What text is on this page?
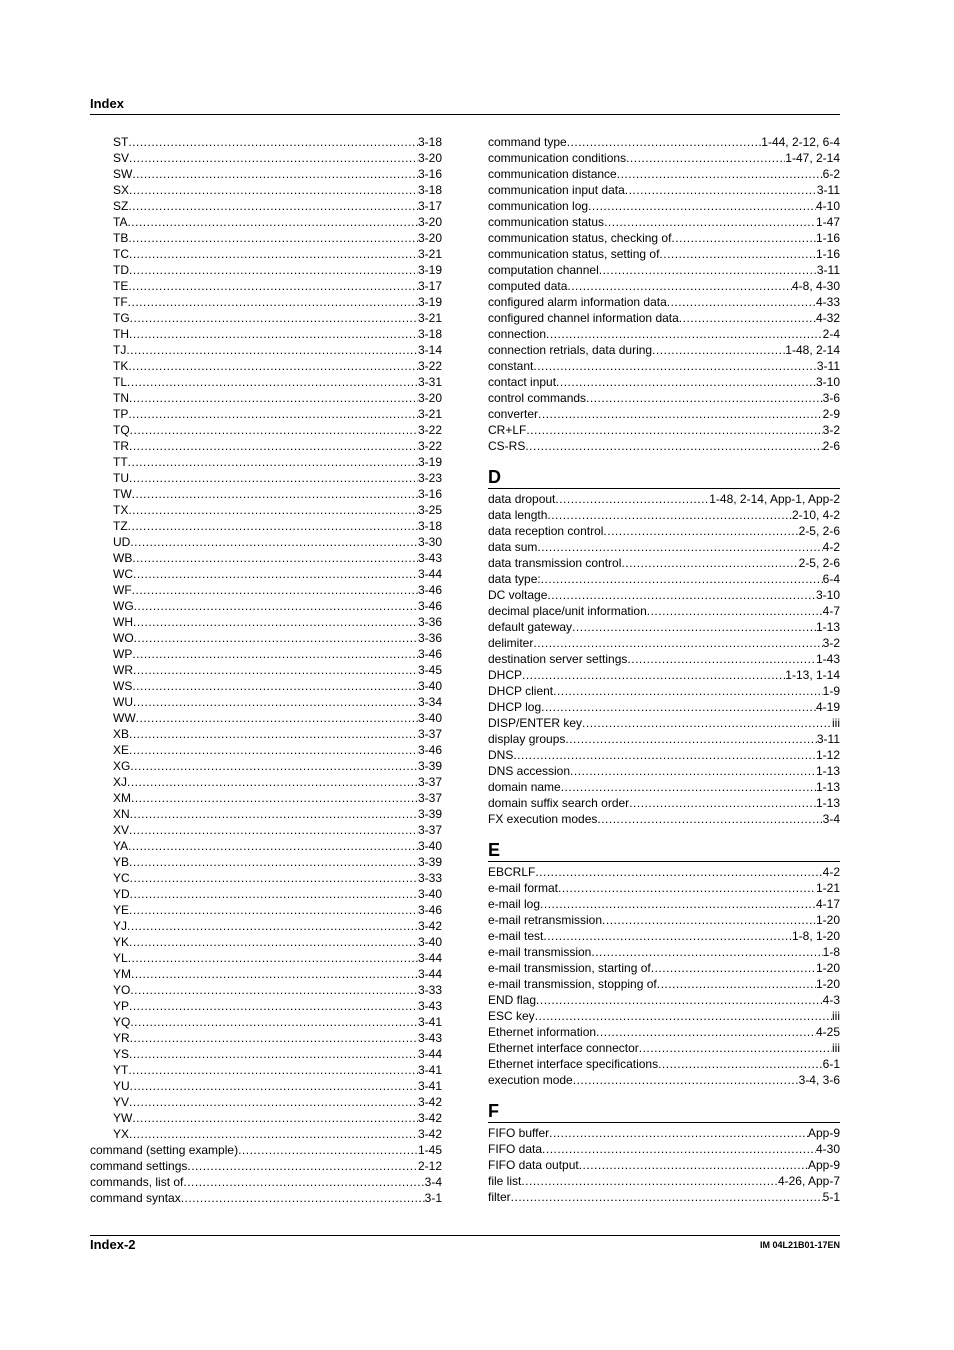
Index
ST .....	3-18
SV .....	3-20
SW .....	3-16
SX .....	3-18
SZ .....	3-17
TA .....	3-20
TB .....	3-20
TC .....	3-21
TD .....	3-19
TE .....	3-17
TF .....	3-19
TG .....	3-21
TH .....	3-18
TJ .....	3-14
TK .....	3-22
TL .....	3-31
TN .....	3-20
TP .....	3-21
TQ .....	3-22
TR .....	3-22
TT .....	3-19
TU .....	3-23
TW .....	3-16
TX .....	3-25
TZ .....	3-18
UD .....	3-30
WB .....	3-43
WC .....	3-44
WF .....	3-46
WG .....	3-46
WH .....	3-36
WO .....	3-36
WP .....	3-46
WR .....	3-45
WS .....	3-40
WU .....	3-34
WW .....	3-40
XB .....	3-37
XE .....	3-46
XG .....	3-39
XJ .....	3-37
XM .....	3-37
XN .....	3-39
XV .....	3-37
YA .....	3-40
YB .....	3-39
YC .....	3-33
YD .....	3-40
YE .....	3-46
YJ .....	3-42
YK .....	3-40
YL .....	3-44
YM .....	3-44
YO .....	3-33
YP .....	3-43
YQ .....	3-41
YR .....	3-43
YS .....	3-44
YT .....	3-41
YU .....	3-41
YV .....	3-42
YW .....	3-42
YX .....	3-42
command (setting example) .....	1-45
command settings .....	2-12
commands, list of .....	3-4
command syntax .....	3-1
command type .....	1-44, 2-12, 6-4
communication conditions .....	1-47, 2-14
communication distance .....	6-2
communication input data .....	3-11
communication log .....	4-10
communication status .....	1-47
communication status, checking of .....	1-16
communication status, setting of .....	1-16
computation channel .....	3-11
computed data .....	4-8, 4-30
configured alarm information data .....	4-33
configured channel information data .....	4-32
connection .....	2-4
connection retrials, data during .....	1-48, 2-14
constant .....	3-11
contact input .....	3-10
control commands .....	3-6
converter .....	2-9
CR+LF .....	3-2
CS-RS .....	2-6
D
data dropout .....	1-48, 2-14, App-1, App-2
data length .....	2-10, 4-2
data reception control .....	2-5, 2-6
data sum .....	4-2
data transmission control .....	2-5, 2-6
data type: .....	6-4
DC voltage .....	3-10
decimal place/unit information .....	4-7
default gateway .....	1-13
delimiter .....	3-2
destination server settings .....	1-43
DHCP .....	1-13, 1-14
DHCP client .....	1-9
DHCP log .....	4-19
DISP/ENTER key .....	iii
display groups .....	3-11
DNS .....	1-12
DNS accession .....	1-13
domain name .....	1-13
domain suffix search order .....	1-13
FX execution modes .....	3-4
E
EBCRLF .....	4-2
e-mail format .....	1-21
e-mail log .....	4-17
e-mail retransmission .....	1-20
e-mail test .....	1-8, 1-20
e-mail transmission .....	1-8
e-mail transmission, starting of .....	1-20
e-mail transmission, stopping of .....	1-20
END flag .....	4-3
ESC key .....	iii
Ethernet information .....	4-25
Ethernet interface connector .....	iii
Ethernet interface specifications .....	6-1
execution mode .....	3-4, 3-6
F
FIFO buffer .....	App-9
FIFO data .....	4-30
FIFO data output .....	App-9
file list .....	4-26, App-7
filter .....	5-1
Index-2	IM 04L21B01-17EN
